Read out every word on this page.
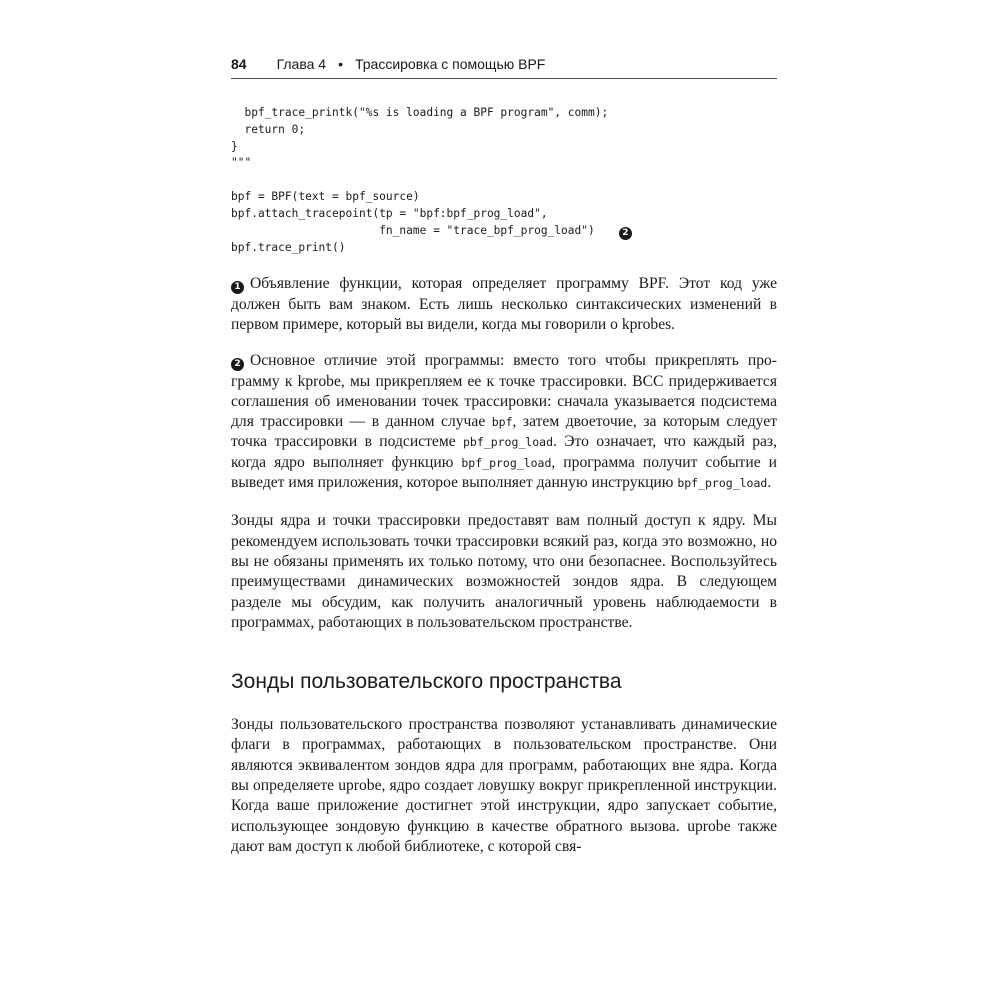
84 Глава 4 • Трассировка с помощью BPF
bpf_trace_printk("%s is loading a BPF program", comm);
return 0;
}
"""

bpf = BPF(text = bpf_source)
bpf.attach_tracepoint(tp = "bpf:bpf_prog_load",
fn_name = "trace_bpf_prog_load")	2
bpf.trace_print()

1 Объявление функции, которая определяет программу BPF. Этот код уже должен быть вам знаком. Есть лишь несколько синтаксических изменений в первом примере, который вы видели, когда мы говорили о kprobes.

2 Основное отличие этой программы: вместо того чтобы прикреплять программу к kprobe, мы прикрепляем ее к точке трассировки. BCC придерживается соглашения об именовании точек трассировки: сначала указывается подсистема для трассировки — в данном случае bpf, затем двоеточие, за которым следует точка трассировки в подсистеме pbf_prog_load. Это означает, что каждый раз, когда ядро выполняет функцию bpf_prog_load, программа получит событие и выведет имя приложения, которое выполняет данную инструкцию bpf_prog_load.

Зонды ядра и точки трассировки предоставят вам полный доступ к ядру. Мы рекомендуем использовать точки трассировки всякий раз, когда это возможно, но вы не обязаны применять их только потому, что они безопаснее. Воспользуйтесь преимуществами динамических возможностей зондов ядра. В следующем разделе мы обсудим, как получить аналогичный уровень наблюдаемости в программах, работающих в пользовательском пространстве.

Зонды пользовательского пространства

Зонды пользовательского пространства позволяют устанавливать динамические флаги в программах, работающих в пользовательском пространстве. Они являются эквивалентом зондов ядра для программ, работающих вне ядра. Когда вы определяете uprobe, ядро создает ловушку вокруг прикрепленной инструкции. Когда ваше приложение достигнет этой инструкции, ядро запускает событие, использующее зондовую функцию в качестве обратного вызова. uprobe также дают вам доступ к любой библиотеке, с которой свя-
